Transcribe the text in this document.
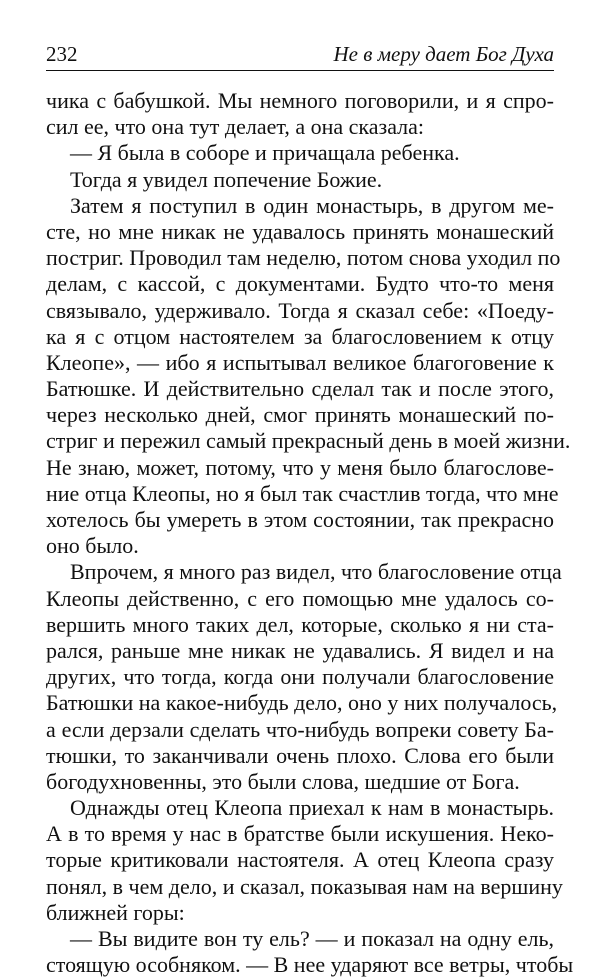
232	Не в меру дает Бог Духа
чика с бабушкой. Мы немного поговорили, и я спро-
сил ее, что она тут делает, а она сказала:
— Я была в соборе и причащала ребенка.
Тогда я увидел попечение Божие.
Затем я поступил в один монастырь, в другом ме-
сте, но мне никак не удавалось принять монашеский
постриг. Проводил там неделю, потом снова уходил по
делам, с кассой, с документами. Будто что-то меня
связывало, удерживало. Тогда я сказал себе: «Поеду-
ка я с отцом настоятелем за благословением к отцу
Клеопе», — ибо я испытывал великое благоговение к
Батюшке. И действительно сделал так и после этого,
через несколько дней, смог принять монашеский по-
стриг и пережил самый прекрасный день в моей жизни.
Не знаю, может, потому, что у меня было благослове-
ние отца Клеопы, но я был так счастлив тогда, что мне
хотелось бы умереть в этом состоянии, так прекрасно
оно было.
Впрочем, я много раз видел, что благословение отца
Клеопы действенно, с его помощью мне удалось со-
вершить много таких дел, которые, сколько я ни ста-
рался, раньше мне никак не удавались. Я видел и на
других, что тогда, когда они получали благословение
Батюшки на какое-нибудь дело, оно у них получалось,
а если дерзали сделать что-нибудь вопреки совету Ба-
тюшки, то заканчивали очень плохо. Слова его были
богодухновенны, это были слова, шедшие от Бога.
Однажды отец Клеопа приехал к нам в монастырь.
А в то время у нас в братстве были искушения. Неко-
торые критиковали настоятеля. А отец Клеопа сразу
понял, в чем дело, и сказал, показывая нам на вершину
ближней горы:
— Вы видите вон ту ель? — и показал на одну ель,
стоящую особняком. — В нее ударяют все ветры, чтобы
